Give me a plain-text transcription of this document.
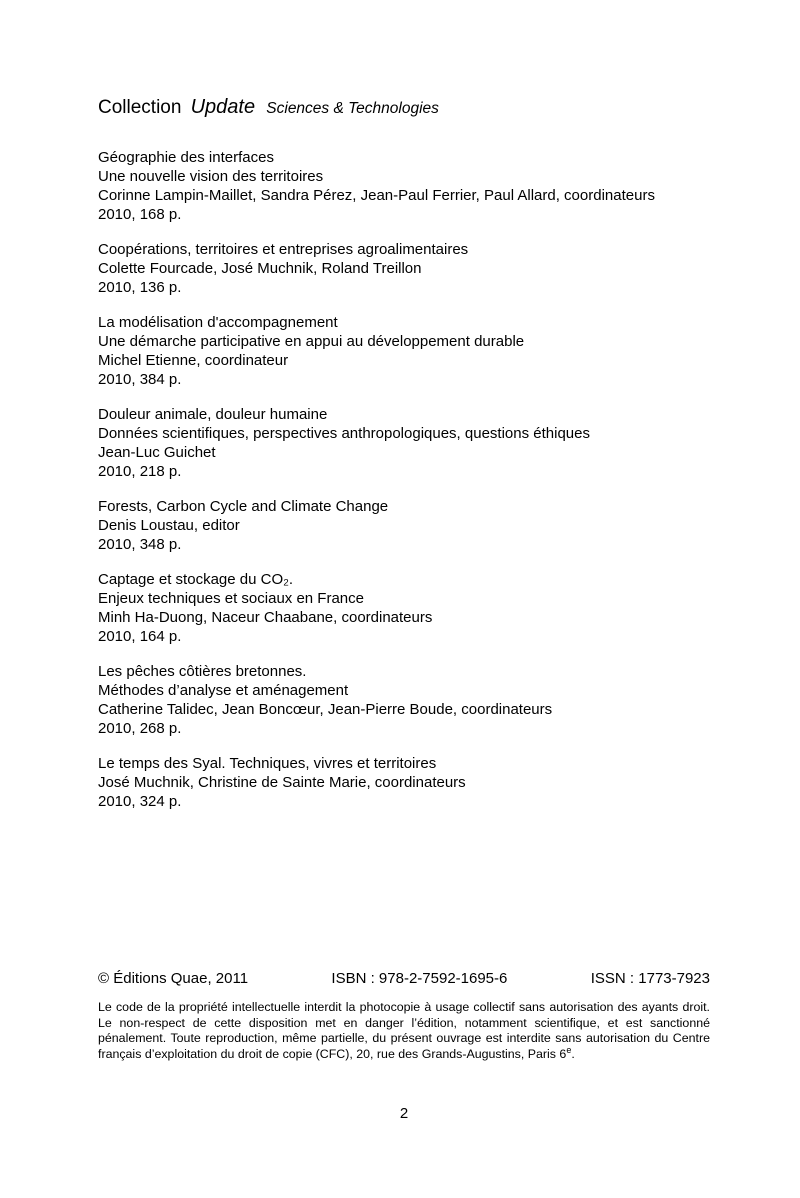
Collection Update Sciences & Technologies
Géographie des interfaces
Une nouvelle vision des territoires
Corinne Lampin-Maillet, Sandra Pérez, Jean-Paul Ferrier, Paul Allard, coordinateurs
2010, 168 p.
Coopérations, territoires et entreprises agroalimentaires
Colette Fourcade, José Muchnik, Roland Treillon
2010, 136 p.
La modélisation d'accompagnement
Une démarche participative en appui au développement durable
Michel Etienne, coordinateur
2010, 384 p.
Douleur animale, douleur humaine
Données scientifiques, perspectives anthropologiques, questions éthiques
Jean-Luc Guichet
2010, 218 p.
Forests, Carbon Cycle and Climate Change
Denis Loustau, editor
2010, 348 p.
Captage et stockage du CO₂.
Enjeux techniques et sociaux en France
Minh Ha-Duong, Naceur Chaabane, coordinateurs
2010, 164 p.
Les pêches côtières bretonnes.
Méthodes d’analyse et aménagement
Catherine Talidec, Jean Boncœur, Jean-Pierre Boude, coordinateurs
2010, 268 p.
Le temps des Syal. Techniques, vivres et territoires
José Muchnik, Christine de Sainte Marie, coordinateurs
2010, 324 p.
© Éditions Quae, 2011	ISBN : 978-2-7592-1695-6	ISSN : 1773-7923

Le code de la propriété intellectuelle interdit la photocopie à usage collectif sans autorisation des ayants droit. Le non-respect de cette disposition met en danger l’édition, notamment scientifique, et est sanctionné pénalement. Toute reproduction, même partielle, du présent ouvrage est interdite sans autorisation du Centre français d’exploitation du droit de copie (CFC), 20, rue des Grands-Augustins, Paris 6e.

2
